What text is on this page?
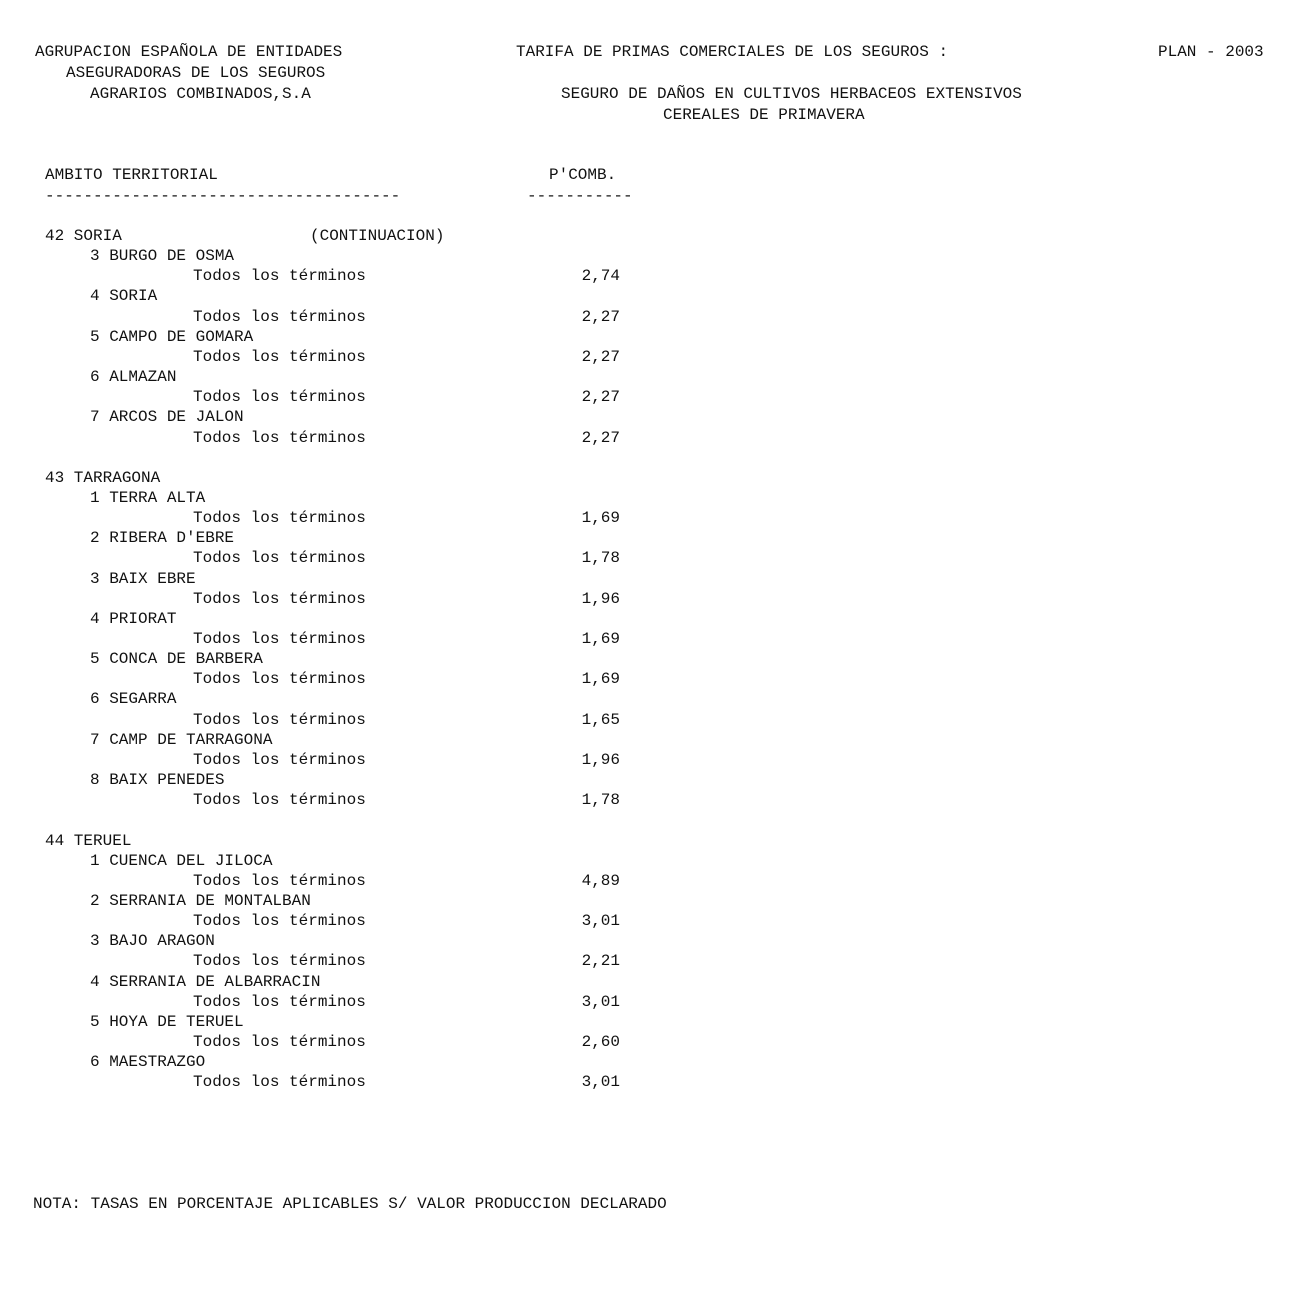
AGRUPACION ESPAÑOLA DE ENTIDADES
ASEGURADORAS DE LOS SEGUROS
AGRARIOS COMBINADOS,S.A
TARIFA DE PRIMAS COMERCIALES DE LOS SEGUROS :	PLAN - 2003
SEGURO DE DAÑOS EN CULTIVOS HERBACEOS EXTENSIVOS
CEREALES DE PRIMAVERA
AMBITO TERRITORIAL
-------------------------------------
P'COMB.
-----------
42 SORIA	(CONTINUACION)
3 BURGO DE OSMA
Todos los términos	2,74
4 SORIA
Todos los términos	2,27
5 CAMPO DE GOMARA
Todos los términos	2,27
6 ALMAZAN
Todos los términos	2,27
7 ARCOS DE JALON
Todos los términos	2,27
43 TARRAGONA
1 TERRA ALTA
Todos los términos	1,69
2 RIBERA D'EBRE
Todos los términos	1,78
3 BAIX EBRE
Todos los términos	1,96
4 PRIORAT
Todos los términos	1,69
5 CONCA DE BARBERA
Todos los términos	1,69
6 SEGARRA
Todos los términos	1,65
7 CAMP DE TARRAGONA
Todos los términos	1,96
8 BAIX PENEDES
Todos los términos	1,78
44 TERUEL
1 CUENCA DEL JILOCA
Todos los términos	4,89
2 SERRANIA DE MONTALBAN
Todos los términos	3,01
3 BAJO ARAGON
Todos los términos	2,21
4 SERRANIA DE ALBARRACIN
Todos los términos	3,01
5 HOYA DE TERUEL
Todos los términos	2,60
6 MAESTRAZGO
Todos los términos	3,01
NOTA: TASAS EN PORCENTAJE APLICABLES S/ VALOR PRODUCCION DECLARADO
